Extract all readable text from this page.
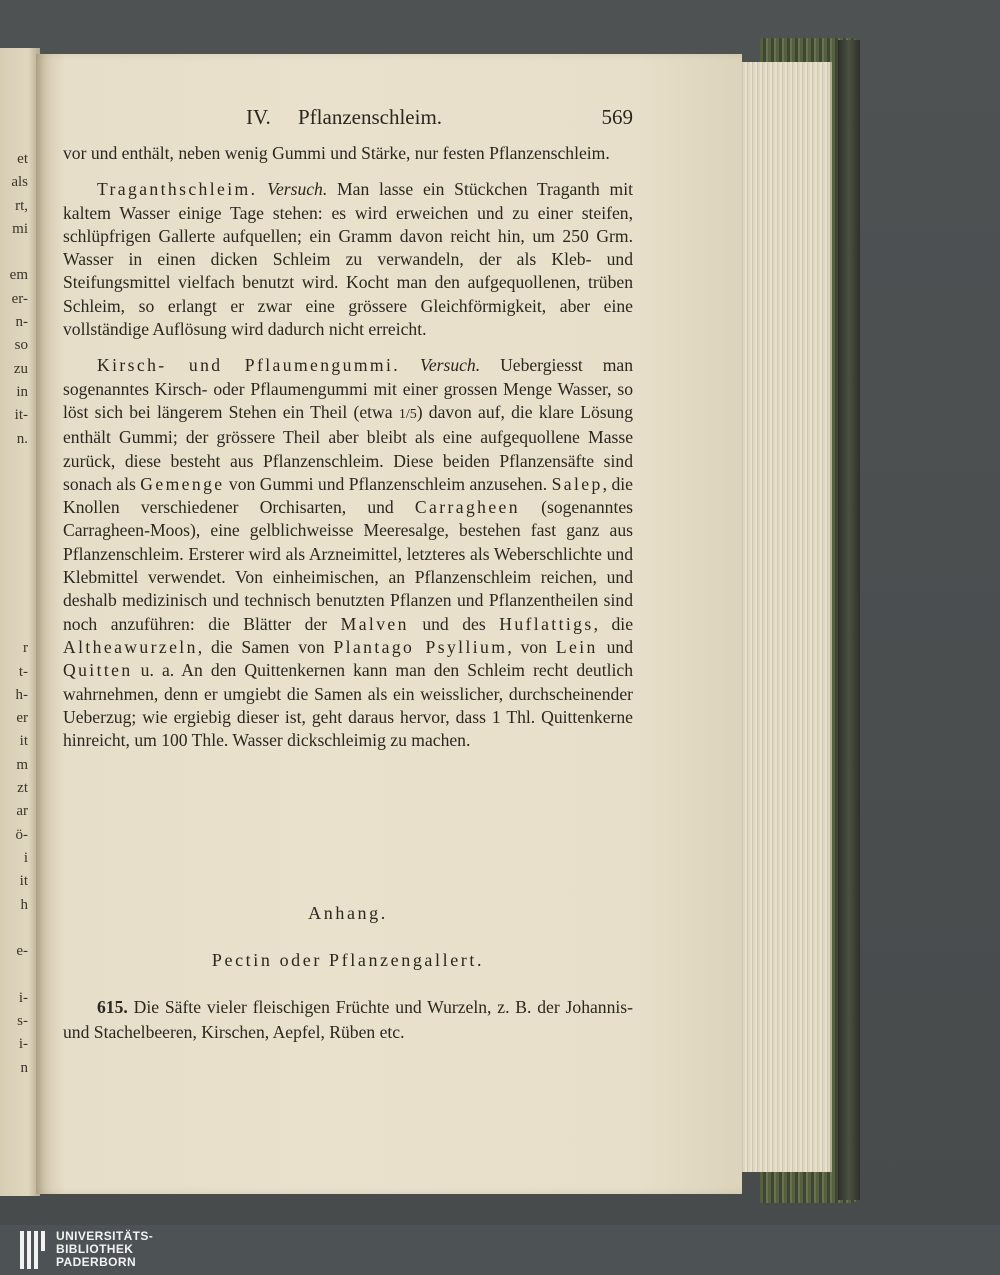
et
als
rt,
mi

em
er-
n-
so
zu
in
it-
n.

r
t-
h-
er
it
m
zt
ar
ö-
i
it
h

e-

i-
s-
i-
n
IV. Pflanzenschleim.	569

vor und enthält, neben wenig Gummi und Stärke, nur festen Pflanzenschleim.

Traganthschleim. Versuch. Man lasse ein Stückchen Traganth mit kaltem Wasser einige Tage stehen: es wird erweichen und zu einer steifen, schlüpfrigen Gallerte aufquellen; ein Gramm davon reicht hin, um 250 Grm. Wasser in einen dicken Schleim zu verwandeln, der als Kleb- und Steifungsmittel vielfach benutzt wird. Kocht man den aufgequollenen, trüben Schleim, so erlangt er zwar eine grössere Gleichförmigkeit, aber eine vollständige Auflösung wird dadurch nicht erreicht.

Kirsch- und Pflaumengummi. Versuch. Uebergiesst man sogenanntes Kirsch- oder Pflaumengummi mit einer grossen Menge Wasser, so löst sich bei längerem Stehen ein Theil (etwa 1/5) davon auf, die klare Lösung enthält Gummi; der grössere Theil aber bleibt als eine aufgequollene Masse zurück, diese besteht aus Pflanzenschleim. Diese beiden Pflanzensäfte sind sonach als Gemenge von Gummi und Pflanzenschleim anzusehen. Salep, die Knollen verschiedener Orchisarten, und Carragheen (sogenanntes Carragheen-Moos), eine gelblichweisse Meeresalge, bestehen fast ganz aus Pflanzenschleim. Ersterer wird als Arzneimittel, letzteres als Weberschlichte und Klebmittel verwendet. Von einheimischen, an Pflanzenschleim reichen, und deshalb medizinisch und technisch benutzten Pflanzen und Pflanzentheilen sind noch anzuführen: die Blätter der Malven und des Huflattigs, die Altheawurzeln, die Samen von Plantago Psyllium, von Lein und Quitten u. a. An den Quittenkernen kann man den Schleim recht deutlich wahrnehmen, denn er umgiebt die Samen als ein weisslicher, durchscheinender Ueberzug; wie ergiebig dieser ist, geht daraus hervor, dass 1 Thl. Quittenkerne hinreicht, um 100 Thle. Wasser dickschleimig zu machen.

Anhang.
Pectin oder Pflanzengallert.
615. Die Säfte vieler fleischigen Früchte und Wurzeln, z. B. der Johannis- und Stachelbeeren, Kirschen, Aepfel, Rüben etc.
UNIVERSITÄTS-
BIBLIOTHEK
PADERBORN
